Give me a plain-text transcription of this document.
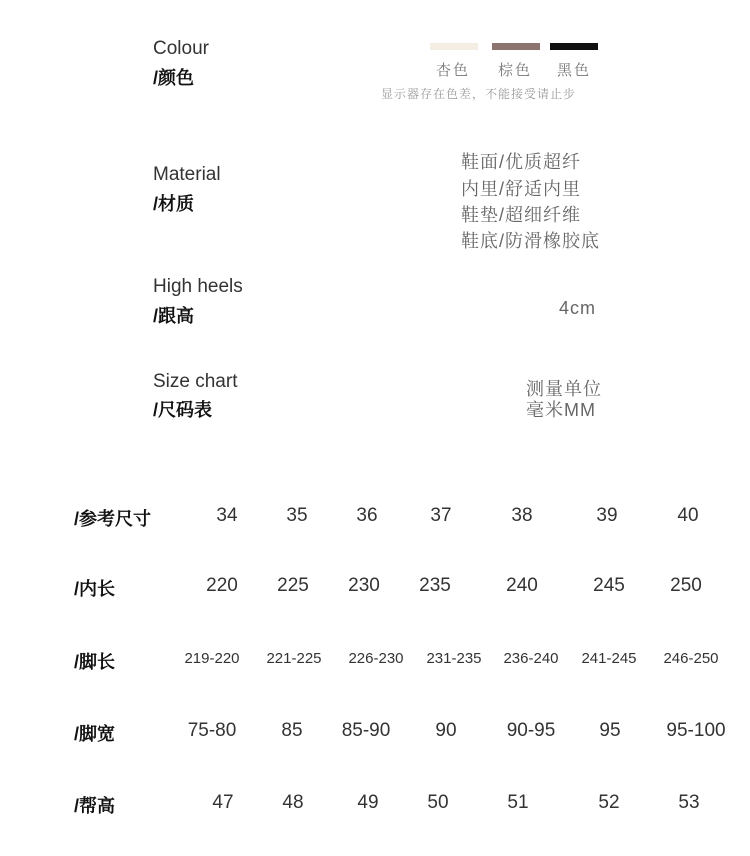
Colour
/颜色	杏色 棕色 黑色
显示器存在色差，不能接受请止步
Material
/材质
鞋面/优质超纤
内里/舒适内里
鞋垫/超细纤维
鞋底/防滑橡胶底
High heels
/跟高	4cm
Size chart
/尺码表
测量单位
毫米MM
/参考尺寸	34	35	36	37	38	39	40
/内长	220 225 230 235	240	245 250
/脚长	219-220 221-225 226-230 231-235 236-240 241-245 246-250
/脚宽	75-80 85 85-90 90	90-95 95 95-100
/帮高	47	48	49	50	51	52	53
